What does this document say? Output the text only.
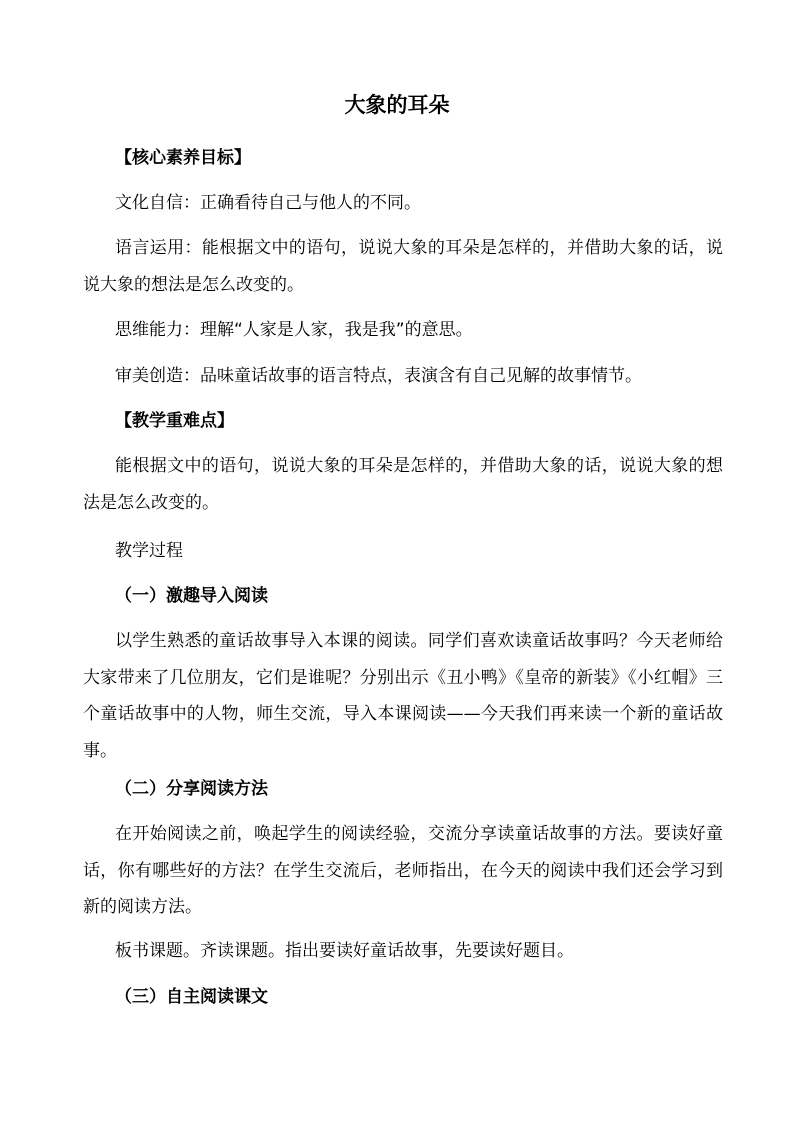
大象的耳朵

【核心素养目标】

文化自信：正确看待自己与他人的不同。

语言运用：能根据文中的语句，说说大象的耳朵是怎样的，并借助大象的话，说说大象的想法是怎么改变的。

思维能力：理解“人家是人家，我是我”的意思。

审美创造：品味童话故事的语言特点，表演含有自己见解的故事情节。

【教学重难点】

能根据文中的语句，说说大象的耳朵是怎样的，并借助大象的话，说说大象的想法是怎么改变的。

教学过程

（一）激趣导入阅读

以学生熟悉的童话故事导入本课的阅读。同学们喜欢读童话故事吗？今天老师给大家带来了几位朋友，它们是谁呢？分别出示《丑小鸭》《皇帝的新装》《小红帽》三个童话故事中的人物，师生交流，导入本课阅读——今天我们再来读一个新的童话故事。

（二）分享阅读方法

在开始阅读之前，唤起学生的阅读经验，交流分享读童话故事的方法。要读好童话，你有哪些好的方法？在学生交流后，老师指出，在今天的阅读中我们还会学习到新的阅读方法。

板书课题。齐读课题。指出要读好童话故事，先要读好题目。

（三）自主阅读课文
